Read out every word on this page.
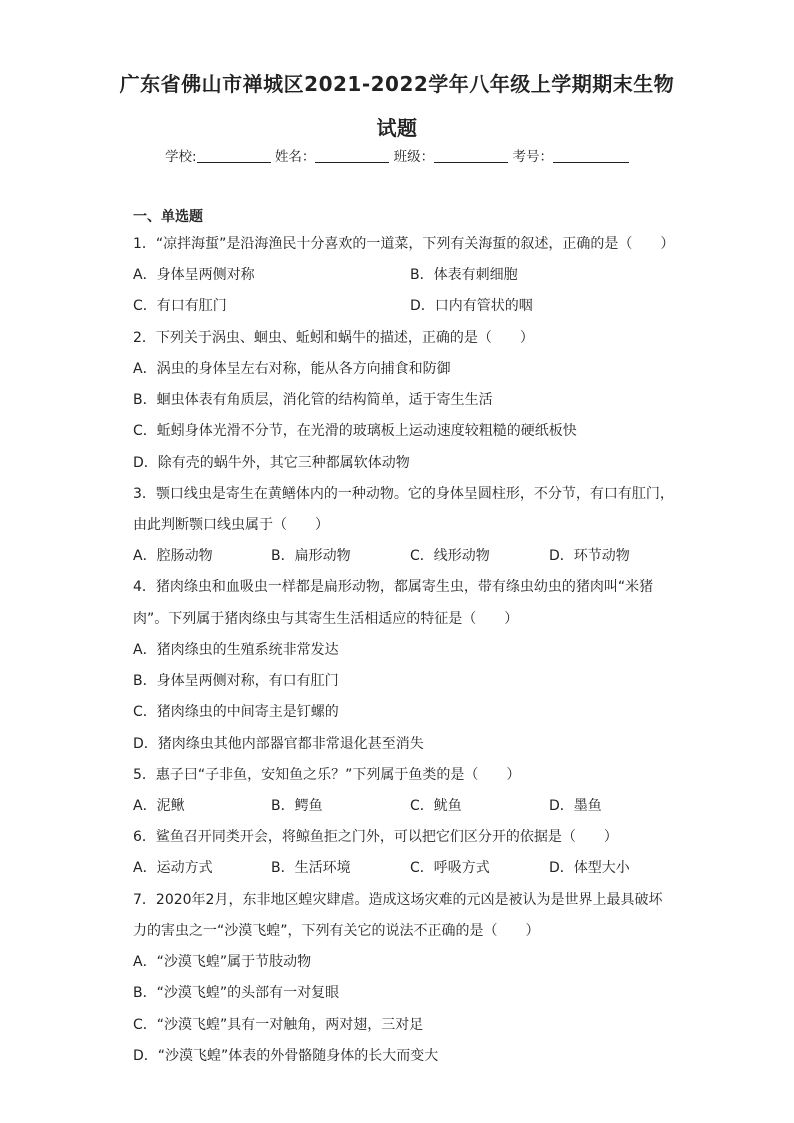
广东省佛山市禅城区2021-2022学年八年级上学期期末生物
试题
学校:	姓名：	班级：	考号：
一、单选题
1．“凉拌海蜇”是沿海渔民十分喜欢的一道菜，下列有关海蜇的叙述，正确的是（　　）
A．身体呈两侧对称	B．体表有刺细胞
C．有口有肛门	D．口内有管状的咽
2．下列关于涡虫、蛔虫、蚯蚓和蜗牛的描述，正确的是（　　）
A．涡虫的身体呈左右对称，能从各方向捕食和防御
B．蛔虫体表有角质层，消化管的结构简单，适于寄生生活
C．蚯蚓身体光滑不分节，在光滑的玻璃板上运动速度较粗糙的硬纸板快
D．除有壳的蜗牛外，其它三种都属软体动物
3．颚口线虫是寄生在黄鳝体内的一种动物。它的身体呈圆柱形，不分节，有口有肛门，
由此判断颚口线虫属于（　　）
A．腔肠动物	B．扁形动物	C．线形动物	D．环节动物
4．猪肉绦虫和血吸虫一样都是扁形动物，都属寄生虫，带有绦虫幼虫的猪肉叫“米猪
肉”。下列属于猪肉绦虫与其寄生生活相适应的特征是（　　）
A．猪肉绦虫的生殖系统非常发达
B．身体呈两侧对称，有口有肛门
C．猪肉绦虫的中间寄主是钉螺的
D．猪肉绦虫其他内部器官都非常退化甚至消失
5．惠子曰“子非鱼，安知鱼之乐？”下列属于鱼类的是（　　）
A．泥鳅	B．鳄鱼	C．鱿鱼	D．墨鱼
6．鲨鱼召开同类开会，将鲸鱼拒之门外，可以把它们区分开的依据是（　　）
A．运动方式	B．生活环境	C．呼吸方式	D．体型大小
7．2020年2月，东非地区蝗灾肆虐。造成这场灾难的元凶是被认为是世界上最具破坏
力的害虫之一“沙漠飞蝗”，下列有关它的说法不正确的是（　　）
A．“沙漠飞蝗”属于节肢动物
B．“沙漠飞蝗”的头部有一对复眼
C．“沙漠飞蝗”具有一对触角，两对翅，三对足
D．“沙漠飞蝗”体表的外骨骼随身体的长大而变大
